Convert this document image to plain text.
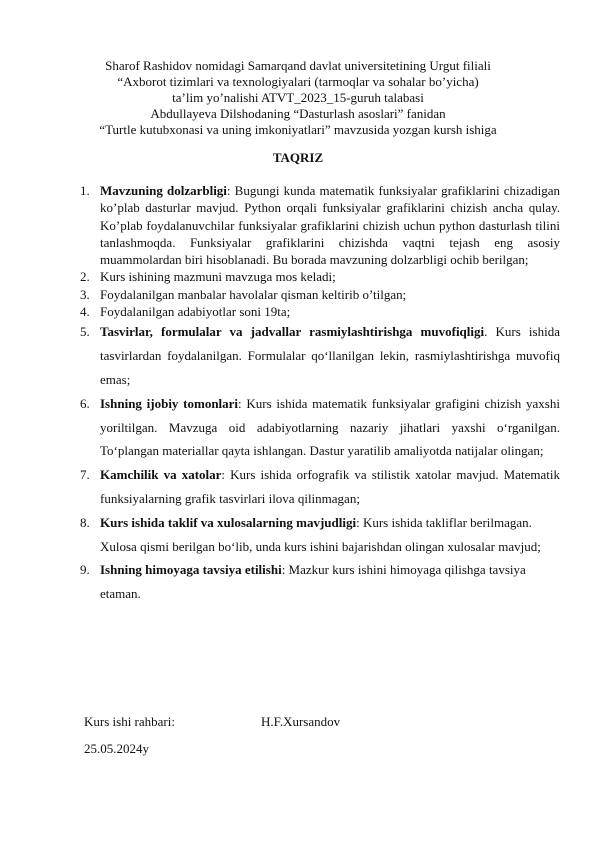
Sharof Rashidov nomidagi Samarqand davlat universitetining Urgut filiali
“Axborot tizimlari va texnologiyalari (tarmoqlar va sohalar bo’yicha)
ta’lim yo’nalishi ATVT_2023_15-guruh talabasi
Abdullayeva Dilshodaning “Dasturlash asoslari” fanidan
“Turtle kutubxonasi va uning imkoniyatlari” mavzusida yozgan kursh ishiga
TAQRIZ
1. Mavzuning dolzarbligi: Bugungi kunda matematik funksiyalar grafiklarini chizadigan ko’plab dasturlar mavjud. Python orqali funksiyalar grafiklarini chizish ancha qulay. Ko’plab foydalanuvchilar funksiyalar grafiklarini chizish uchun python dasturlash tilini tanlashmoqda. Funksiyalar grafiklarini chizishda vaqtni tejash eng asosiy muammolardan biri hisoblanadi. Bu borada mavzuning dolzarbligi ochib berilgan;
2. Kurs ishining mazmuni mavzuga mos keladi;
3. Foydalanilgan manbalar havolalar qisman keltirib o’tilgan;
4. Foydalanilgan adabiyotlar soni 19ta;
5. Tasvirlar, formulalar va jadvallar rasmiylashtirishga muvofiqligi. Kurs ishida tasvirlardan foydalanilgan. Formulalar qo‘llanilgan lekin, rasmiylashtirishga muvofiq emas;
6. Ishning ijobiy tomonlari: Kurs ishida matematik funksiyalar grafigini chizish yaxshi yoriltilgan. Mavzuga oid adabiyotlarning nazariy jihatlari yaxshi o‘rganilgan. To‘plangan materiallar qayta ishlangan. Dastur yaratilib amaliyotda natijalar olingan;
7. Kamchilik va xatolar: Kurs ishida orfografik va stilistik xatolar mavjud. Matematik funksiyalarning grafik tasvirlari ilova qilinmagan;
8. Kurs ishida taklif va xulosalarning mavjudligi: Kurs ishida takliflar berilmagan. Xulosa qismi berilgan bo‘lib, unda kurs ishini bajarishdan olingan xulosalar mavjud;
9. Ishning himoyaga tavsiya etilishi: Mazkur kurs ishini himoyaga qilishga tavsiya etaman.
Kurs ishi rahbari:	H.F.Xursandov
25.05.2024y
